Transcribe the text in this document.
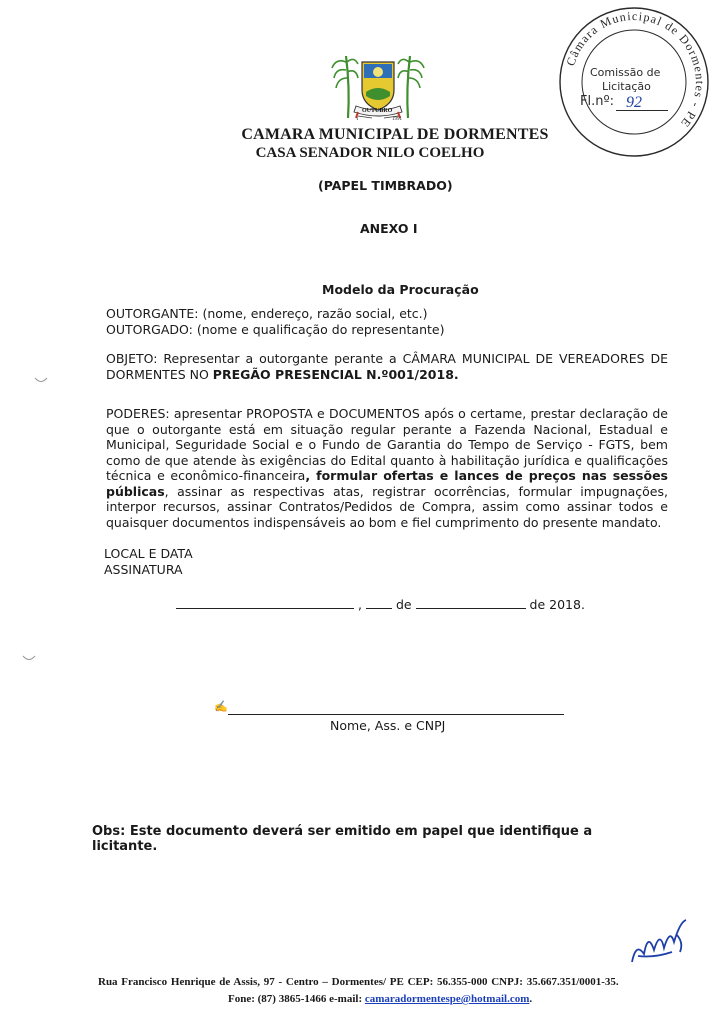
OUTUBRO
1	1991
Câmara Municipal de Dormentes - PE
Comissão de
Licitação
Fl.nº: 92
CAMARA MUNICIPAL DE DORMENTES
CASA SENADOR NILO COELHO
(PAPEL TIMBRADO)
ANEXO I
Modelo da Procuração
OUTORGANTE: (nome, endereço, razão social, etc.)
OUTORGADO: (nome e qualificação do representante)
OBJETO: Representar a outorgante perante a CÂMARA MUNICIPAL DE VEREADORES DE DORMENTES NO PREGÃO PRESENCIAL N.º001/2018.
PODERES: apresentar PROPOSTA e DOCUMENTOS após o certame, prestar declaração de que o outorgante está em situação regular perante a Fazenda Nacional, Estadual e Municipal, Seguridade Social e o Fundo de Garantia do Tempo de Serviço - FGTS, bem como de que atende às exigências do Edital quanto à habilitação jurídica e qualificações técnica e econômico-financeira, formular ofertas e lances de preços nas sessões públicas, assinar as respectivas atas, registrar ocorrências, formular impugnações, interpor recursos, assinar Contratos/Pedidos de Compra, assim como assinar todos e quaisquer documentos indispensáveis ao bom e fiel cumprimento do presente mandato.
LOCAL E DATA
ASSINATURA
,	de	de 2018.
✍
Nome, Ass. e CNPJ
Obs: Este documento deverá ser emitido em papel que identifique a licitante.
Rua Francisco Henrique de Assis, 97 - Centro – Dormentes/ PE CEP: 56.355-000 CNPJ: 35.667.351/0001-35.
Fone: (87) 3865-1466 e-mail: camaradormentespe@hotmail.com.
